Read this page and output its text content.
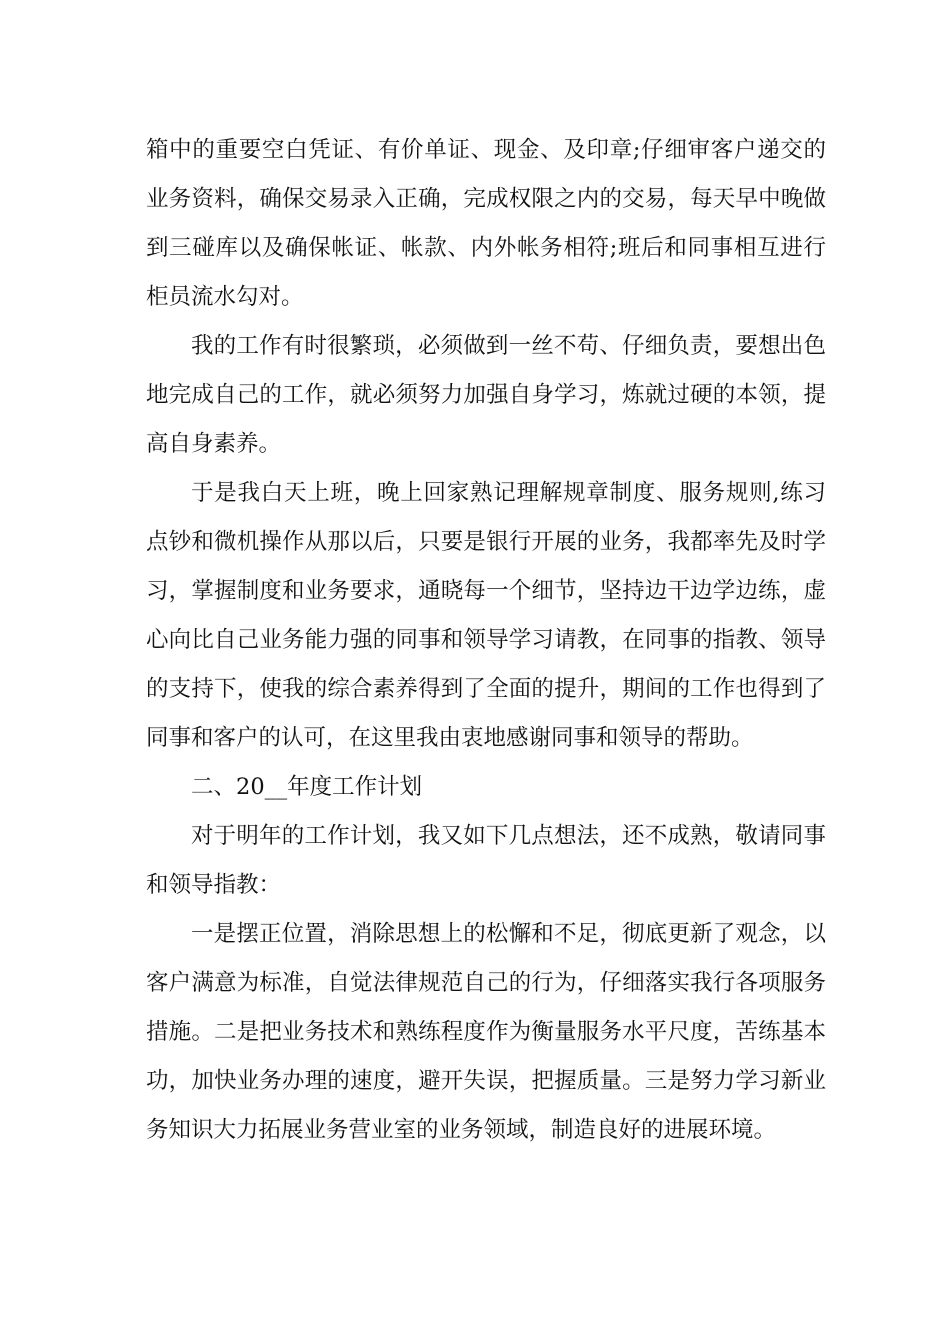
箱中的重要空白凭证、有价单证、现金、及印章;仔细审客户递交的业务资料，确保交易录入正确，完成权限之内的交易，每天早中晚做到三碰库以及确保帐证、帐款、内外帐务相符;班后和同事相互进行柜员流水勾对。

我的工作有时很繁琐，必须做到一丝不苟、仔细负责，要想出色地完成自己的工作，就必须努力加强自身学习，炼就过硬的本领，提高自身素养。

于是我白天上班，晚上回家熟记理解规章制度、服务规则,练习点钞和微机操作从那以后，只要是银行开展的业务，我都率先及时学习，掌握制度和业务要求，通晓每一个细节，坚持边干边学边练，虚心向比自己业务能力强的同事和领导学习请教，在同事的指教、领导的支持下，使我的综合素养得到了全面的提升，期间的工作也得到了同事和客户的认可，在这里我由衷地感谢同事和领导的帮助。

二、20__年度工作计划

对于明年的工作计划，我又如下几点想法，还不成熟，敬请同事和领导指教：

一是摆正位置，消除思想上的松懈和不足，彻底更新了观念，以客户满意为标准，自觉法律规范自己的行为，仔细落实我行各项服务措施。二是把业务技术和熟练程度作为衡量服务水平尺度，苦练基本功，加快业务办理的速度，避开失误，把握质量。三是努力学习新业务知识大力拓展业务营业室的业务领域，制造良好的进展环境。
